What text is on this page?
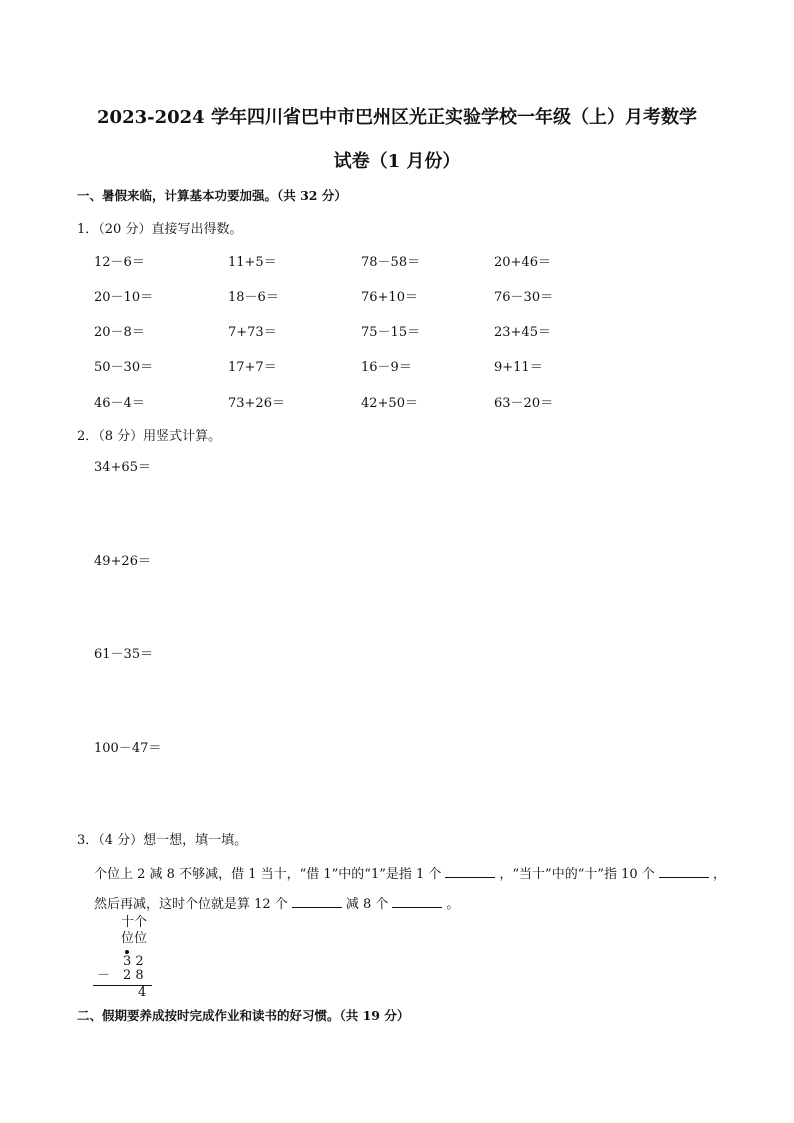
2023-2024 学年四川省巴中市巴州区光正实验学校一年级（上）月考数学
试卷（1 月份）
一、暑假来临，计算基本功要加强。（共 32 分）
1．（20 分）直接写出得数。
12－6＝	11+5＝	78－58＝	20+46＝
20－10＝	18－6＝	76+10＝	76－30＝
20－8＝	7+73＝	75－15＝	23+45＝
50－30＝	17+7＝	16－9＝	9+11＝
46－4＝	73+26＝	42+50＝	63－20＝
2．（8 分）用竖式计算。
34+65＝
49+26＝
61－35＝
100－47＝
3．（4 分）想一想，填一填。
个位上 2 减 8 不够减，借 1 当十，“借 1”中的“1”是指 1 个	，“当十”中的“十”指 10 个	，
然后再减，这时个位就是算 12 个	减 8 个	。
十个
位位
3 2
－ 2 8
4
二、假期要养成按时完成作业和读书的好习惯。（共 19 分）
